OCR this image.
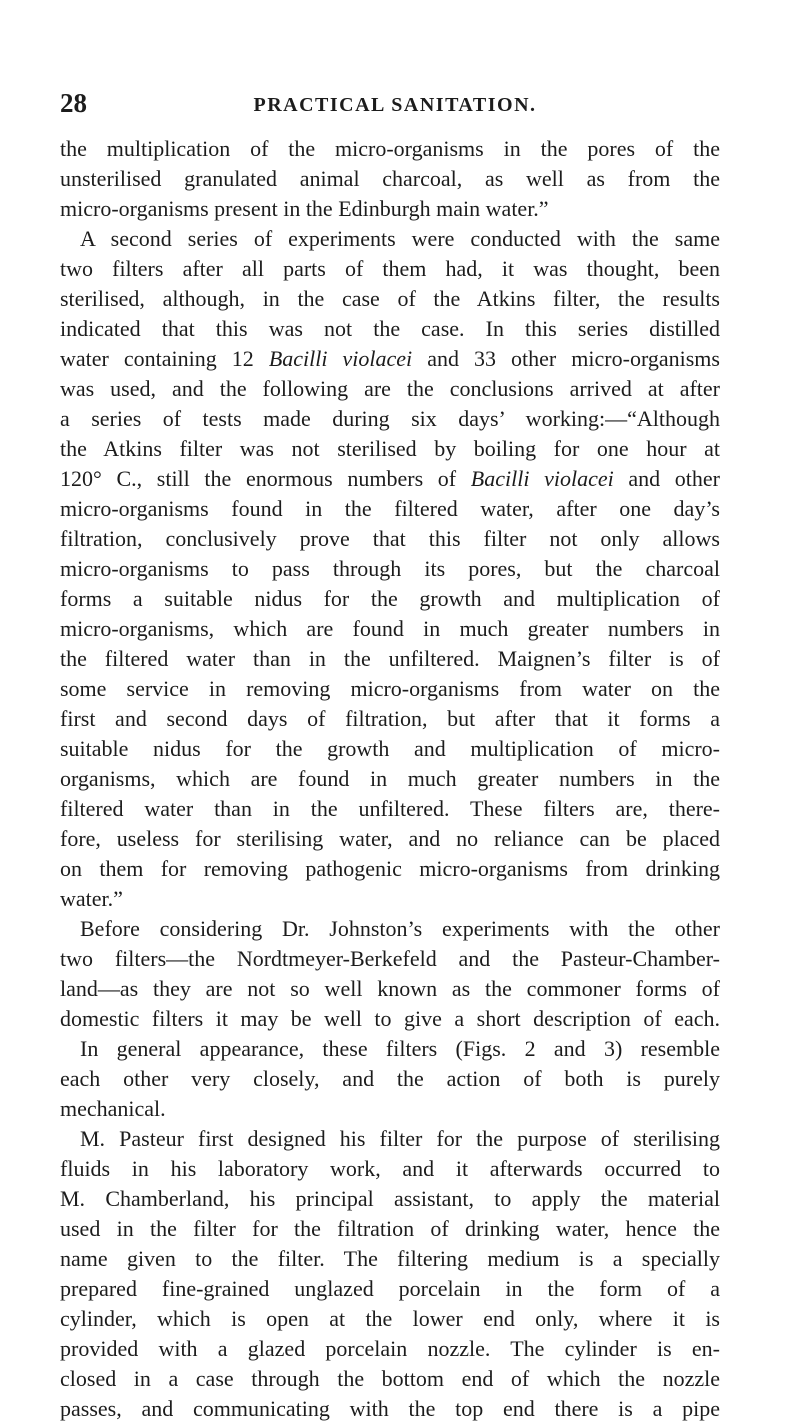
28	PRACTICAL SANITATION.
the multiplication of the micro-organisms in the pores of the
unsterilised granulated animal charcoal, as well as from the
micro-organisms present in the Edinburgh main water.”
A second series of experiments were conducted with the same
two filters after all parts of them had, it was thought, been
sterilised, although, in the case of the Atkins filter, the results
indicated that this was not the case. In this series distilled
water containing 12 Bacilli violacei and 33 other micro-organisms
was used, and the following are the conclusions arrived at after
a series of tests made during six days’ working:—“Although
the Atkins filter was not sterilised by boiling for one hour at
120° C., still the enormous numbers of Bacilli violacei and other
micro-organisms found in the filtered water, after one day’s
filtration, conclusively prove that this filter not only allows
micro-organisms to pass through its pores, but the charcoal
forms a suitable nidus for the growth and multiplication of
micro-organisms, which are found in much greater numbers in
the filtered water than in the unfiltered. Maignen’s filter is of
some service in removing micro-organisms from water on the
first and second days of filtration, but after that it forms a
suitable nidus for the growth and multiplication of micro-
organisms, which are found in much greater numbers in the
filtered water than in the unfiltered. These filters are, there-
fore, useless for sterilising water, and no reliance can be placed
on them for removing pathogenic micro-organisms from drinking
water.”
Before considering Dr. Johnston’s experiments with the other
two filters—the Nordtmeyer-Berkefeld and the Pasteur-Chamber-
land—as they are not so well known as the commoner forms of
domestic filters it may be well to give a short description of each.
In general appearance, these filters (Figs. 2 and 3) resemble
each other very closely, and the action of both is purely
mechanical.
M. Pasteur first designed his filter for the purpose of sterilising
fluids in his laboratory work, and it afterwards occurred to
M. Chamberland, his principal assistant, to apply the material
used in the filter for the filtration of drinking water, hence the
name given to the filter. The filtering medium is a specially
prepared fine-grained unglazed porcelain in the form of a
cylinder, which is open at the lower end only, where it is
provided with a glazed porcelain nozzle. The cylinder is en-
closed in a case through the bottom end of which the nozzle
passes, and communicating with the top end there is a pipe
